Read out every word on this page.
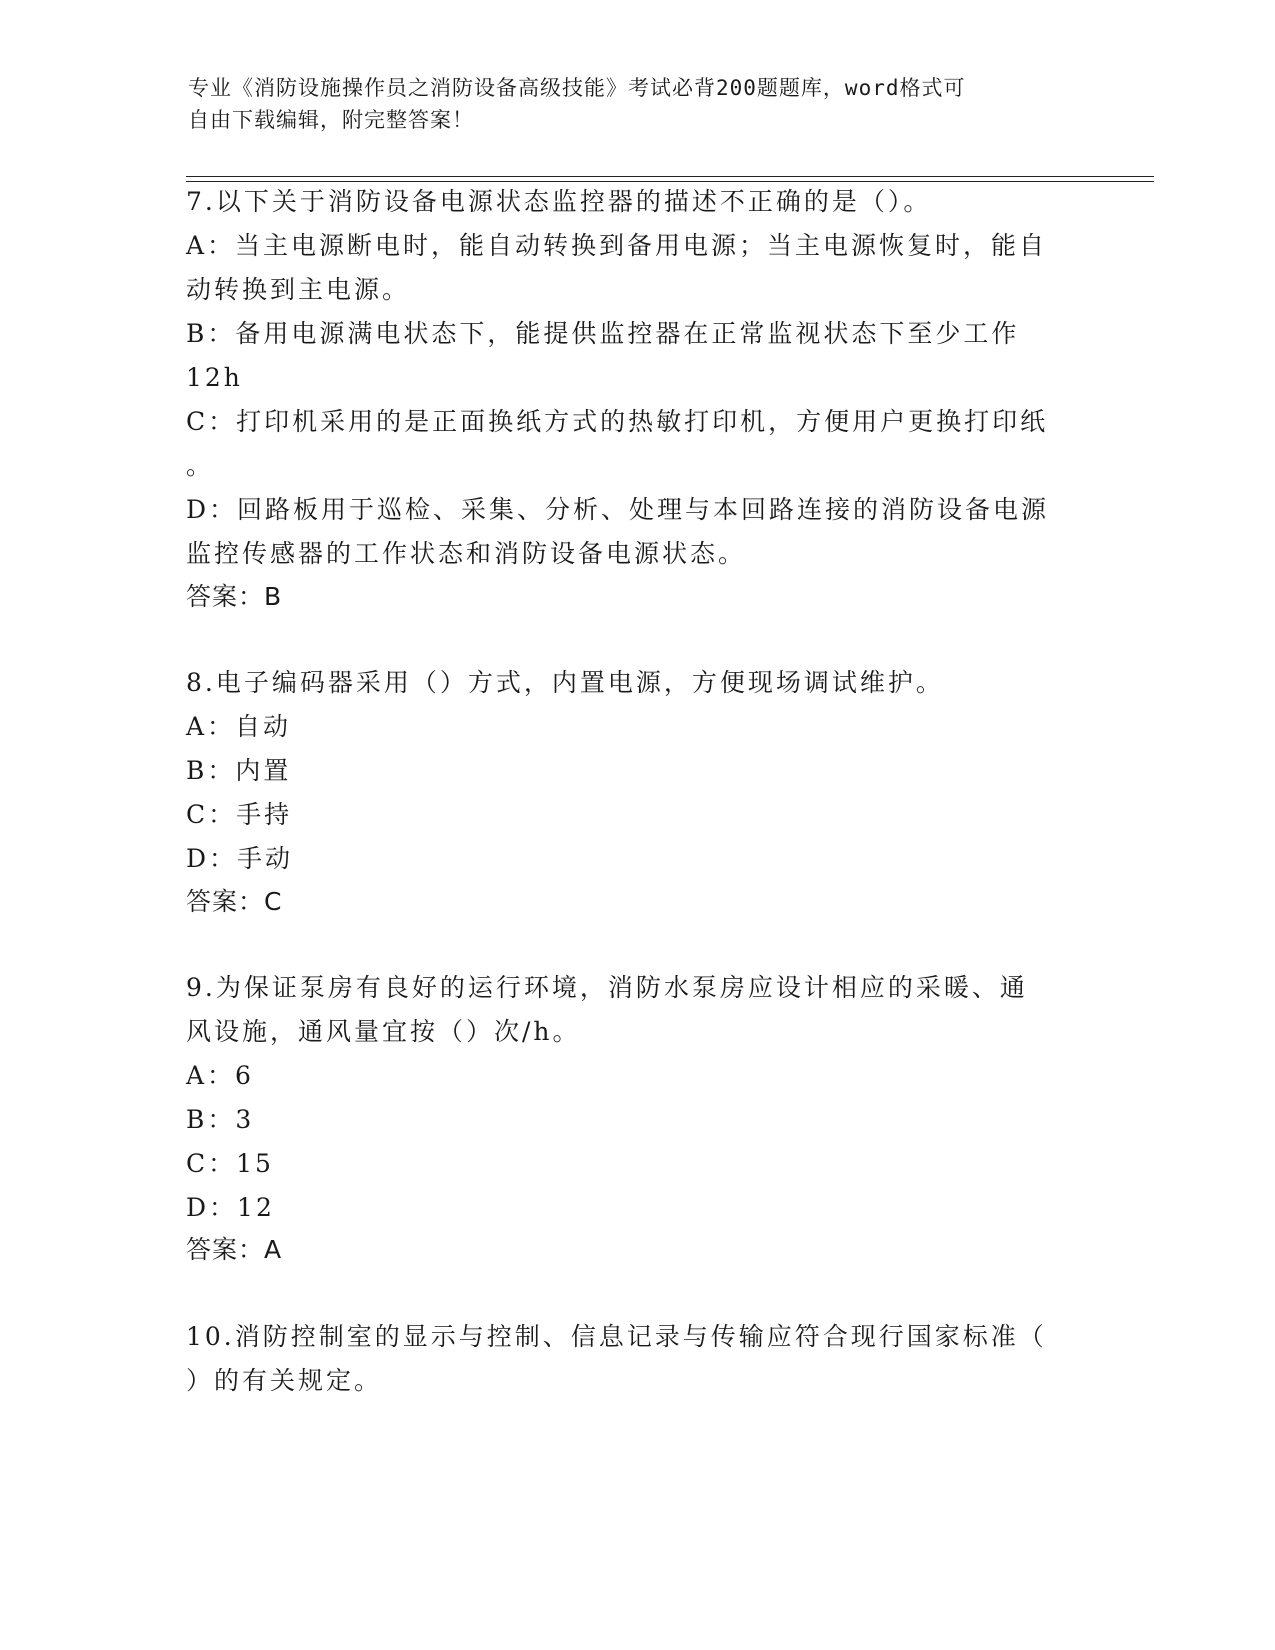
专业《消防设施操作员之消防设备高级技能》考试必背200题题库，word格式可
自由下载编辑，附完整答案！
7.以下关于消防设备电源状态监控器的描述不正确的是（）。
A：当主电源断电时，能自动转换到备用电源；当主电源恢复时，能自
动转换到主电源。
B：备用电源满电状态下，能提供监控器在正常监视状态下至少工作
12h
C：打印机采用的是正面换纸方式的热敏打印机，方便用户更换打印纸
。
D：回路板用于巡检、采集、分析、处理与本回路连接的消防设备电源
监控传感器的工作状态和消防设备电源状态。
答案：B
8.电子编码器采用（）方式，内置电源，方便现场调试维护。
A：自动
B：内置
C：手持
D：手动
答案：C
9.为保证泵房有良好的运行环境，消防水泵房应设计相应的采暖、通
风设施，通风量宜按（）次/h。
A：6
B：3
C：15
D：12
答案：A
10.消防控制室的显示与控制、信息记录与传输应符合现行国家标准（
）的有关规定。
